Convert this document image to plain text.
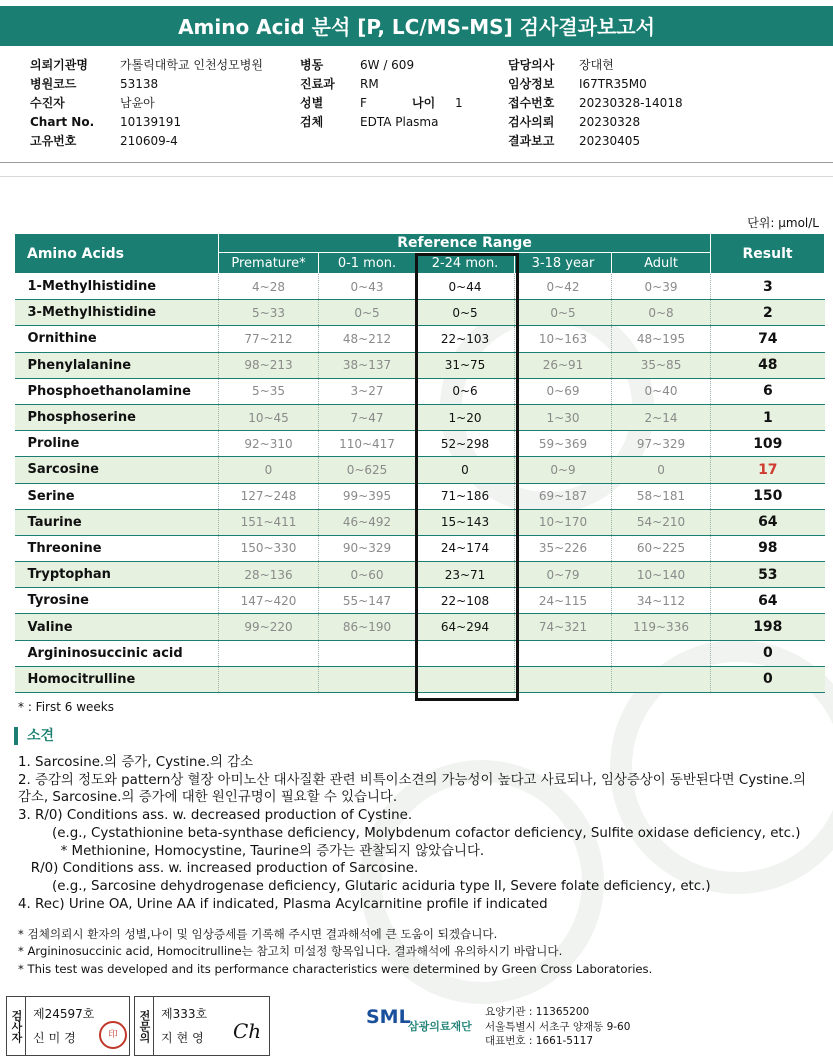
Amino Acid 분석 [P, LC/MS-MS] 검사결과보고서
의뢰기관명	가톨릭대학교 인천성모병원
병원코드	53138
수진자	남윤아
Chart No. 10139191
고유번호	210609-4
병동	6W / 609
진료과 RM
성별	F	나이 1
검체	EDTA Plasma
담당의사 장대현
임상정보 I67TR35M0
접수번호 20230328-14018
검사의뢰 20230328
결과보고 20230405
단위: µmol/L
Amino Acids	Reference Range					Result
	Premature*	0-1 mon.	2-24 mon.	3-18 year	Adult	
1-Methylhistidine	4~28	0~43	0~44	0~42	0~39	3
3-Methylhistidine	5~33	0~5	0~5	0~5	0~8	2
Ornithine	77~212	48~212	22~103	10~163	48~195	74
Phenylalanine	98~213	38~137	31~75	26~91	35~85	48
Phosphoethanolamine	5~35	3~27	0~6	0~69	0~40	6
Phosphoserine	10~45	7~47	1~20	1~30	2~14	1
Proline	92~310	110~417	52~298	59~369	97~329	109
Sarcosine	0	0~625	0	0~9	0	17
Serine	127~248	99~395	71~186	69~187	58~181	150
Taurine	151~411	46~492	15~143	10~170	54~210	64
Threonine	150~330	90~329	24~174	35~226	60~225	98
Tryptophan	28~136	0~60	23~71	0~79	10~140	53
Tyrosine	147~420	55~147	22~108	24~115	34~112	64
Valine	99~220	86~190	64~294	74~321	119~336	198
Argininosuccinic acid						0
Homocitrulline						0
* : First 6 weeks
소견
1. Sarcosine.의 증가, Cystine.의 감소
2. 증감의 정도와 pattern상 혈장 아미노산 대사질환 관련 비특이소견의 가능성이 높다고 사료되나, 임상증상이 동반된다면 Cystine.의
감소, Sarcosine.의 증가에 대한 원인규명이 필요할 수 있습니다.
3. R/0) Conditions ass. w. decreased production of Cystine.
(e.g., Cystathionine beta-synthase deficiency, Molybdenum cofactor deficiency, Sulfite oxidase deficiency, etc.)
* Methionine, Homocystine, Taurine의 증가는 관찰되지 않았습니다.
R/0) Conditions ass. w. increased production of Sarcosine.
(e.g., Sarcosine dehydrogenase deficiency, Glutaric aciduria type II, Severe folate deficiency, etc.)
4. Rec) Urine OA, Urine AA if indicated, Plasma Acylcarnitine profile if indicated
* 검체의뢰시 환자의 성별,나이 및 임상증세를 기록해 주시면 결과해석에 큰 도움이 되겠습니다.
* Argininosuccinic acid, Homocitrulline는 참고치 미설정 항목입니다. 결과해석에 유의하시기 바랍니다.
* This test was developed and its performance characteristics were determined by Green Cross Laboratories.
검사자 제24597호
신미경	印	전문의 제333호
지현영 Ch
SML
삼광의료재단
요양기관 : 11365200
서울특별시 서초구 양재동 9-60
대표번호 : 1661-5117
